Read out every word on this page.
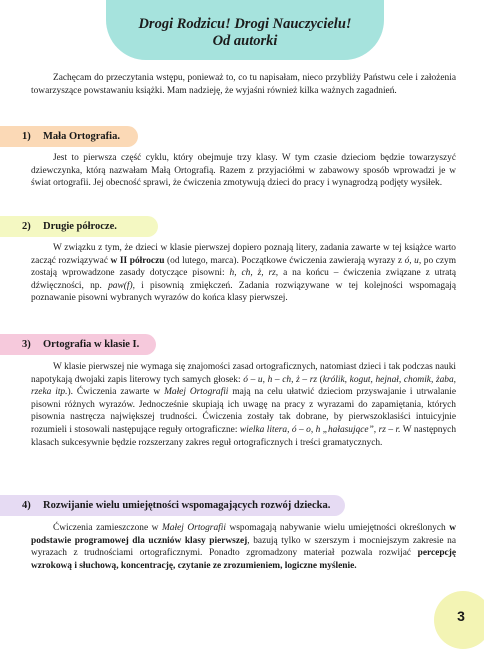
Drogi Rodzicu! Drogi Nauczycielu!
Od autorki
Zachęcam do przeczytania wstępu, ponieważ to, co tu napisałam, nieco przybliży Państwu cele i założenia towarzyszące powstawaniu książki. Mam nadzieję, że wyjaśni również kilka ważnych zagadnień.
1) Mała Ortografia.
Jest to pierwsza część cyklu, który obejmuje trzy klasy. W tym czasie dzieciom będzie towarzyszyć dziewczynka, którą nazwałam Małą Ortografią. Razem z przyjaciółmi w zabawowy sposób wprowadzi je w świat ortografii. Jej obecność sprawi, że ćwiczenia zmotywują dzieci do pracy i wynagrodzą podjęty wysiłek.
2) Drugie półrocze.
W związku z tym, że dzieci w klasie pierwszej dopiero poznają litery, zadania zawarte w tej książce warto zacząć rozwiązywać w II półroczu (od lutego, marca). Początkowe ćwiczenia zawierają wyrazy z ó, u, po czym zostają wprowadzone zasady dotyczące pisowni: h, ch, ż, rz, a na końcu – ćwiczenia związane z utratą dźwięczności, np. paw(f), i pisownią zmiękczeń. Zadania rozwiązywane w tej kolejności wspomagają poznawanie pisowni wybranych wyrazów do końca klasy pierwszej.
3) Ortografia w klasie I.
W klasie pierwszej nie wymaga się znajomości zasad ortograficznych, natomiast dzieci i tak podczas nauki napotykają dwojaki zapis literowy tych samych głosek: ó – u, h – ch, ż – rz (królik, kogut, hejnał, chomik, żaba, rzeka itp.). Ćwiczenia zawarte w Małej Ortografii mają na celu ułatwić dzieciom przyswajanie i utrwalanie pisowni różnych wyrazów. Jednocześnie skupiają ich uwagę na pracy z wyrazami do zapamiętania, których pisownia nastręcza największej trudności. Ćwiczenia zostały tak dobrane, by pierwszoklasiści intuicyjnie rozumieli i stosowali następujące reguły ortograficzne: wielka litera, ó – o, h „hałasujące”, rz – r. W następnych klasach sukcesywnie będzie rozszerzany zakres reguł ortograficznych i treści gramatycznych.
4) Rozwijanie wielu umiejętności wspomagających rozwój dziecka.
Ćwiczenia zamieszczone w Małej Ortografii wspomagają nabywanie wielu umiejętności określonych w podstawie programowej dla uczniów klasy pierwszej, bazują tylko w szerszym i mocniejszym zakresie na wyrazach z trudnościami ortograficznymi. Ponadto zgromadzony materiał pozwala rozwijać percepcję wzrokową i słuchową, koncentrację, czytanie ze zrozumieniem, logiczne myślenie.
3
